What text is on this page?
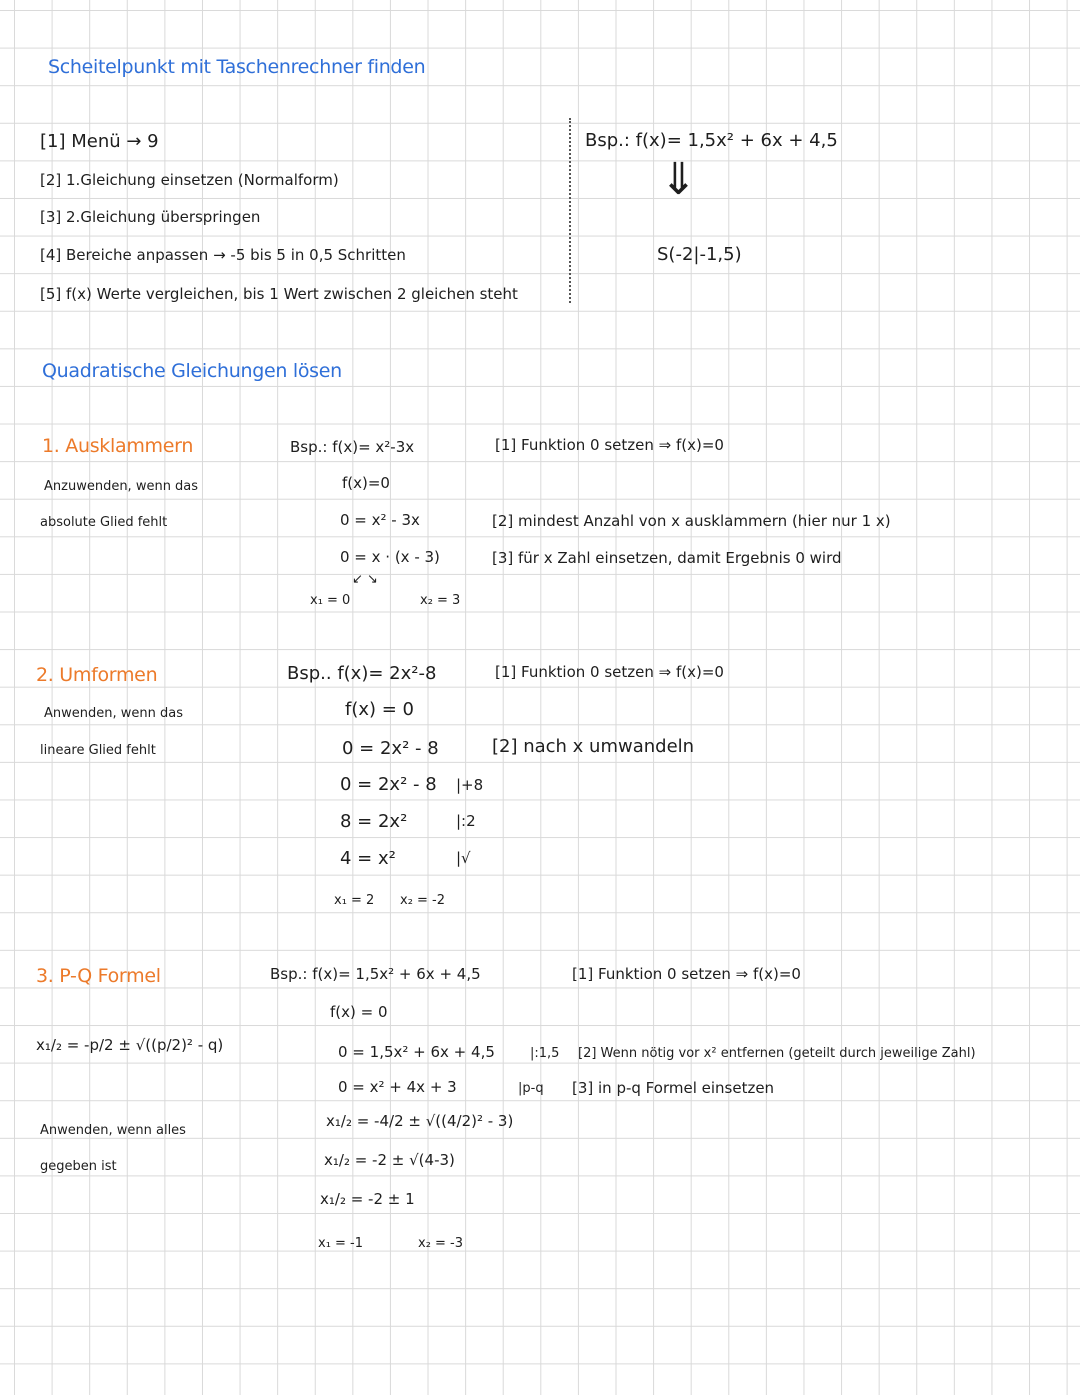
Scheitelpunkt mit Taschenrechner finden
[1] Menü → 9
[2] 1.Gleichung einsetzen (Normalform)
[3] 2.Gleichung überspringen
[4] Bereiche anpassen → -5 bis 5 in 0,5 Schritten
[5] f(x) Werte vergleichen, bis 1 Wert zwischen 2 gleichen steht
Bsp.: f(x)= 1,5x² + 6x + 4,5
⇓
S(-2|-1,5)
Quadratische Gleichungen lösen
1. Ausklammern
Anzuwenden, wenn das
absolute Glied fehlt
Bsp.: f(x)= x²-3x
f(x)=0
0 = x² - 3x
0 = x · (x - 3)
↙ ↘
x₁ = 0	x₂ = 3
[1] Funktion 0 setzen ⇒ f(x)=0
[2] mindest Anzahl von x ausklammern (hier nur 1 x)
[3] für x Zahl einsetzen, damit Ergebnis 0 wird
2. Umformen
Anwenden, wenn das
lineare Glied fehlt
Bsp.. f(x)= 2x²-8
f(x) = 0
0 = 2x² - 8
0 = 2x² - 8 |+8
8 = 2x²	|:2
4 = x²	|√
x₁ = 2 x₂ = -2
[1] Funktion 0 setzen ⇒ f(x)=0
[2] nach x umwandeln
3. P-Q Formel
x₁/₂ = -p/2 ± √((p/2)² - q)
Anwenden, wenn alles
gegeben ist
Bsp.: f(x)= 1,5x² + 6x + 4,5
f(x) = 0
0 = 1,5x² + 6x + 4,5	|:1,5
0 = x² + 4x + 3	|p-q
x₁/₂ = -4/2 ± √((4/2)² - 3)
x₁/₂ = -2 ± √(4-3)
x₁/₂ = -2 ± 1
x₁ = -1	x₂ = -3
[1] Funktion 0 setzen ⇒ f(x)=0
[2] Wenn nötig vor x² entfernen (geteilt durch jeweilige Zahl)
[3] in p-q Formel einsetzen
